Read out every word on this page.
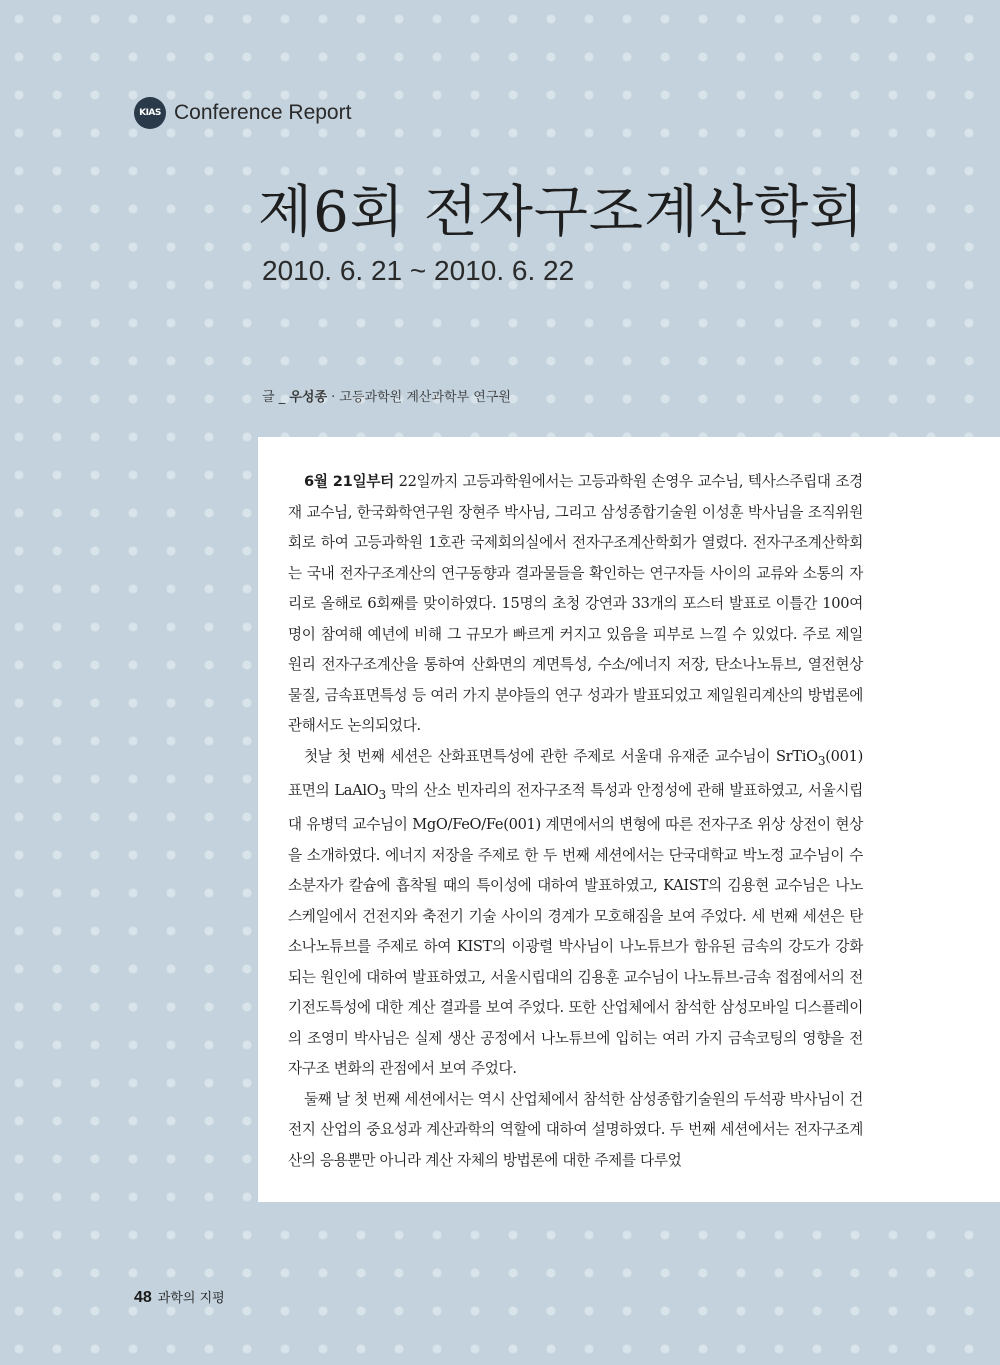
KIAS Conference Report
제6회 전자구조계산학회
2010. 6. 21 ~ 2010. 6. 22
글 _ 우성종 · 고등과학원 계산과학부 연구원

6월 21일부터 22일까지 고등과학원에서는 고등과학원 손영우 교수님, 텍사스주립대 조경재 교수님, 한국화학연구원 장현주 박사님, 그리고 삼성종합기술원 이성훈 박사님을 조직위원회로 하여 고등과학원 1호관 국제회의실에서 전자구조계산학회가 열렸다. 전자구조계산학회는 국내 전자구조계산의 연구동향과 결과물들을 확인하는 연구자들 사이의 교류와 소통의 자리로 올해로 6회째를 맞이하였다. 15명의 초청 강연과 33개의 포스터 발표로 이틀간 100여명이 참여해 예년에 비해 그 규모가 빠르게 커지고 있음을 피부로 느낄 수 있었다. 주로 제일원리 전자구조계산을 통하여 산화면의 계면특성, 수소/에너지 저장, 탄소나노튜브, 열전현상물질, 금속표면특성 등 여러 가지 분야들의 연구 성과가 발표되었고 제일원리계산의 방법론에 관해서도 논의되었다.

첫날 첫 번째 세션은 산화표면특성에 관한 주제로 서울대 유재준 교수님이 SrTiO$_3$(001) 표면의 LaAlO$_3$ 막의 산소 빈자리의 전자구조적 특성과 안정성에 관해 발표하였고, 서울시립대 유병덕 교수님이 MgO/FeO/Fe(001) 계면에서의 변형에 따른 전자구조 위상 상전이 현상을 소개하였다. 에너지 저장을 주제로 한 두 번째 세션에서는 단국대학교 박노정 교수님이 수소분자가 칼슘에 흡착될 때의 특이성에 대하여 발표하였고, KAIST의 김용현 교수님은 나노스케일에서 건전지와 축전기 기술 사이의 경계가 모호해짐을 보여 주었다. 세 번째 세션은 탄소나노튜브를 주제로 하여 KIST의 이광렬 박사님이 나노튜브가 함유된 금속의 강도가 강화되는 원인에 대하여 발표하였고, 서울시립대의 김용훈 교수님이 나노튜브-금속 접점에서의 전기전도특성에 대한 계산 결과를 보여 주었다. 또한 산업체에서 참석한 삼성모바일 디스플레이의 조영미 박사님은 실제 생산 공정에서 나노튜브에 입히는 여러 가지 금속코팅의 영향을 전자구조 변화의 관점에서 보여 주었다.

둘째 날 첫 번째 세션에서는 역시 산업체에서 참석한 삼성종합기술원의 두석광 박사님이 건전지 산업의 중요성과 계산과학의 역할에 대하여 설명하였다. 두 번째 세션에서는 전자구조계산의 응용뿐만 아니라 계산 자체의 방법론에 대한 주제를 다루었

48 과학의 지평
